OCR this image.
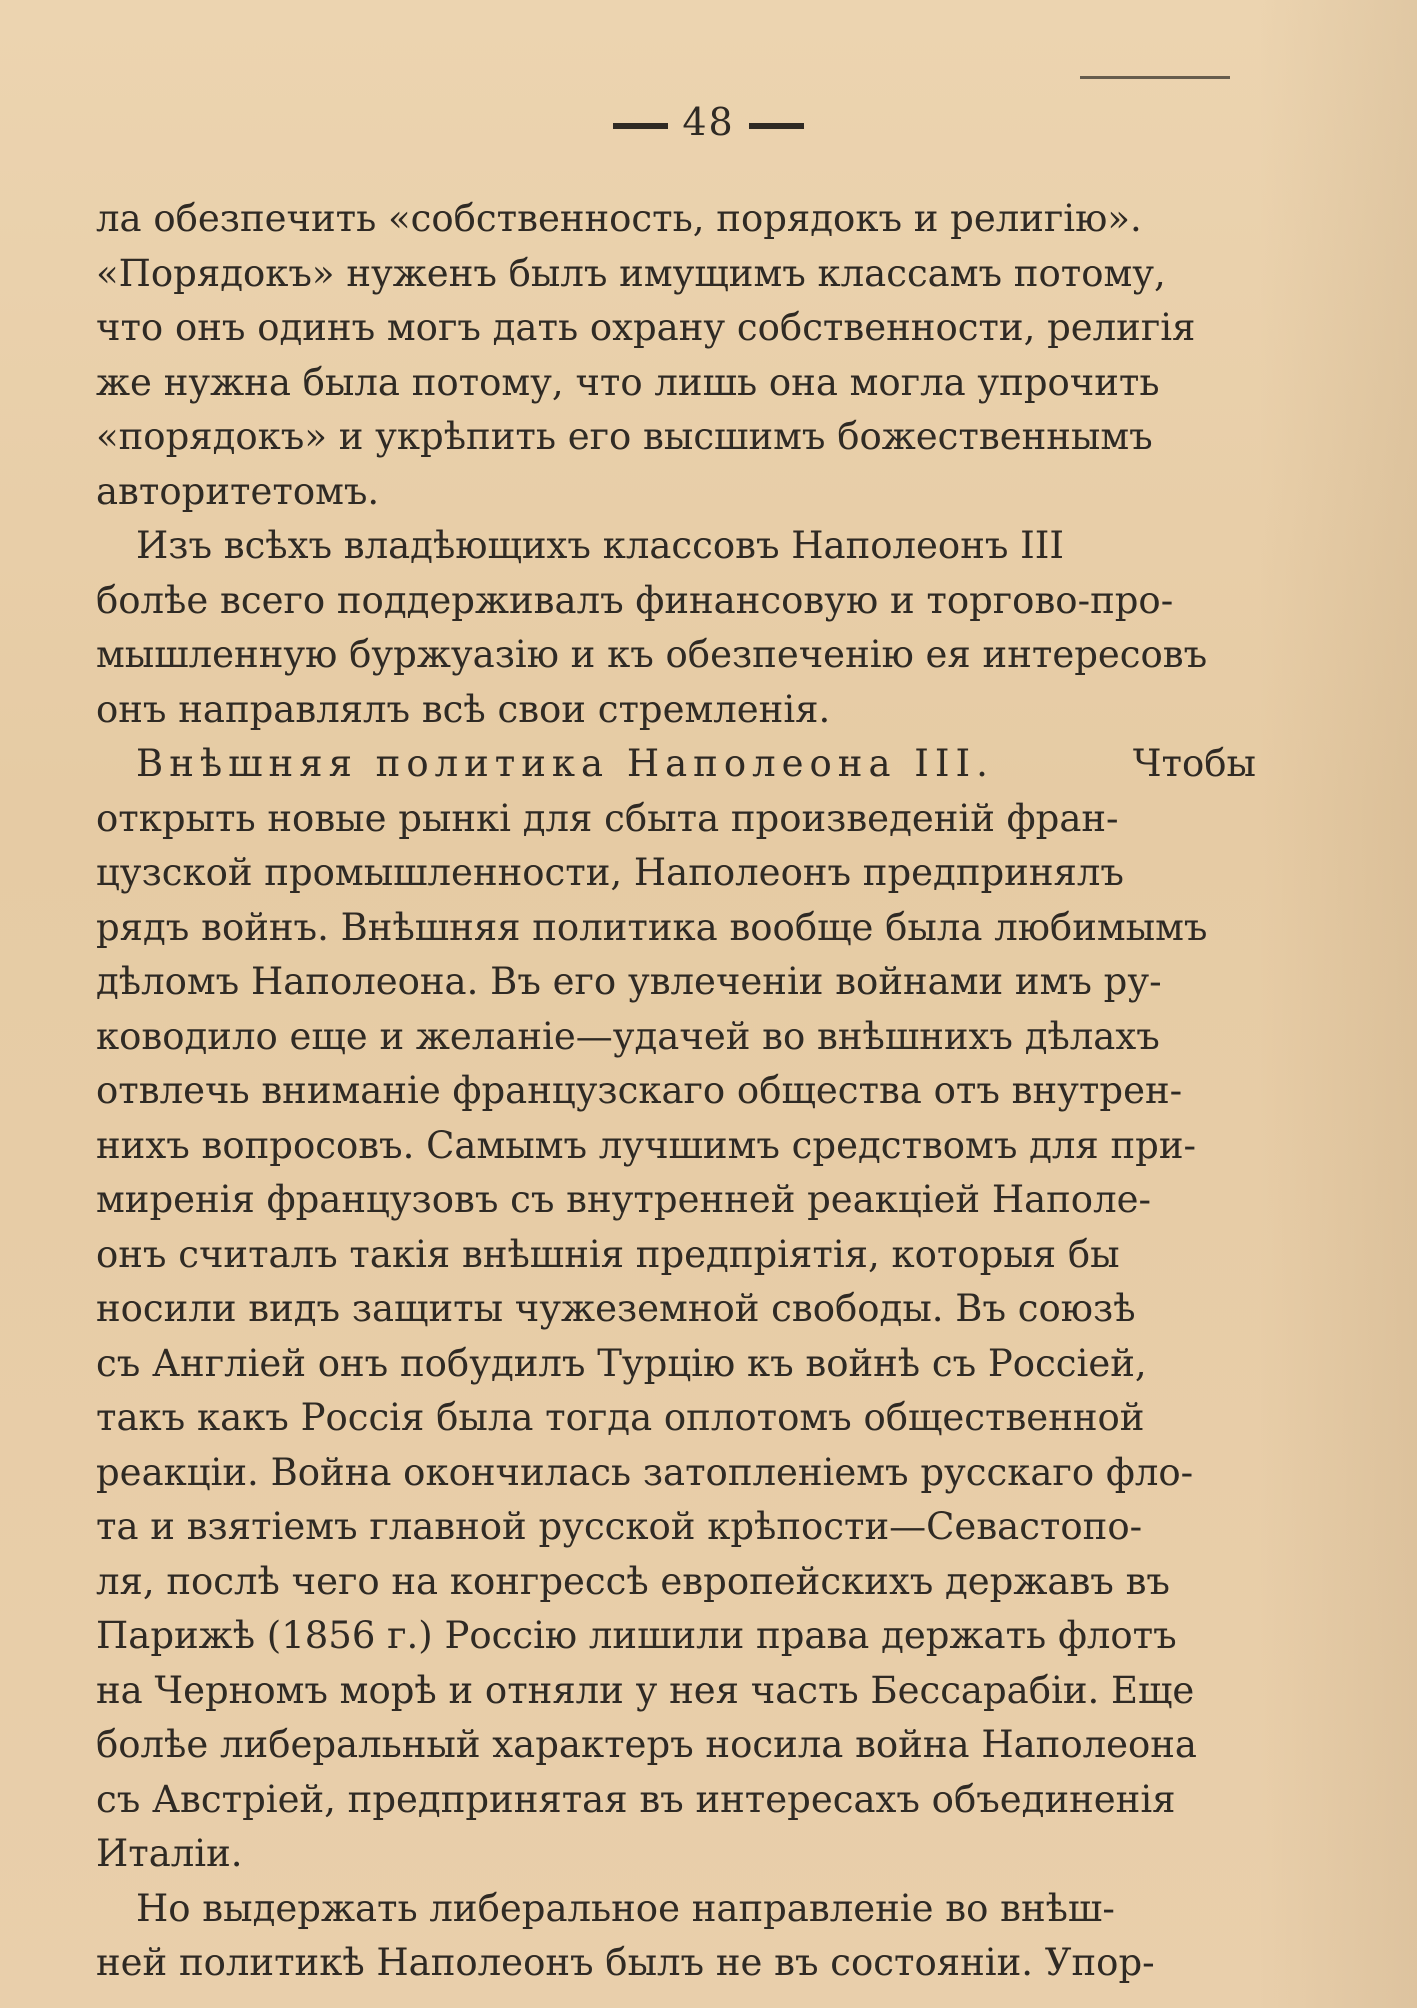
48
ла обезпечить «собственность, порядокъ и религію».
«Порядокъ» нуженъ былъ имущимъ классамъ потому,
что онъ одинъ могъ дать охрану собственности, религія
же нужна была потому, что лишь она могла упрочить
«порядокъ» и укрѣпить его высшимъ божественнымъ
авторитетомъ.
Изъ всѣхъ владѣющихъ классовъ Наполеонъ III
болѣе всего поддерживалъ финансовую и торгово-про-
мышленную буржуазію и къ обезпеченію ея интересовъ
онъ направлялъ всѣ свои стремленія.
Внѣшняя политика Наполеона III.	Чтобы
открыть новые рынкі для сбыта произведеній фран-
цузской промышленности, Наполеонъ предпринялъ
рядъ войнъ. Внѣшняя политика вообще была любимымъ
дѣломъ Наполеона. Въ его увлеченіи войнами имъ ру-
ководило еще и желаніе—удачей во внѣшнихъ дѣлахъ
отвлечь вниманіе французскаго общества отъ внутрен-
нихъ вопросовъ. Самымъ лучшимъ средствомъ для при-
миренія французовъ съ внутренней реакціей Наполе-
онъ считалъ такія внѣшнія предпріятія, которыя бы
носили видъ защиты чужеземной свободы. Въ союзѣ
съ Англіей онъ побудилъ Турцію къ войнѣ съ Россіей,
такъ какъ Россія была тогда оплотомъ общественной
реакціи. Война окончилась затопленіемъ русскаго фло-
та и взятіемъ главной русской крѣпости—Севастопо-
ля, послѣ чего на конгрессѣ европейскихъ державъ въ
Парижѣ (1856 г.) Россію лишили права держать флотъ
на Черномъ морѣ и отняли у нея часть Бессарабіи. Еще
болѣе либеральный характеръ носила война Наполеона
съ Австріей, предпринятая въ интересахъ объединенія
Италіи.
Но выдержать либеральное направленіе во внѣш-
ней политикѣ Наполеонъ былъ не въ состояніи. Упор-
